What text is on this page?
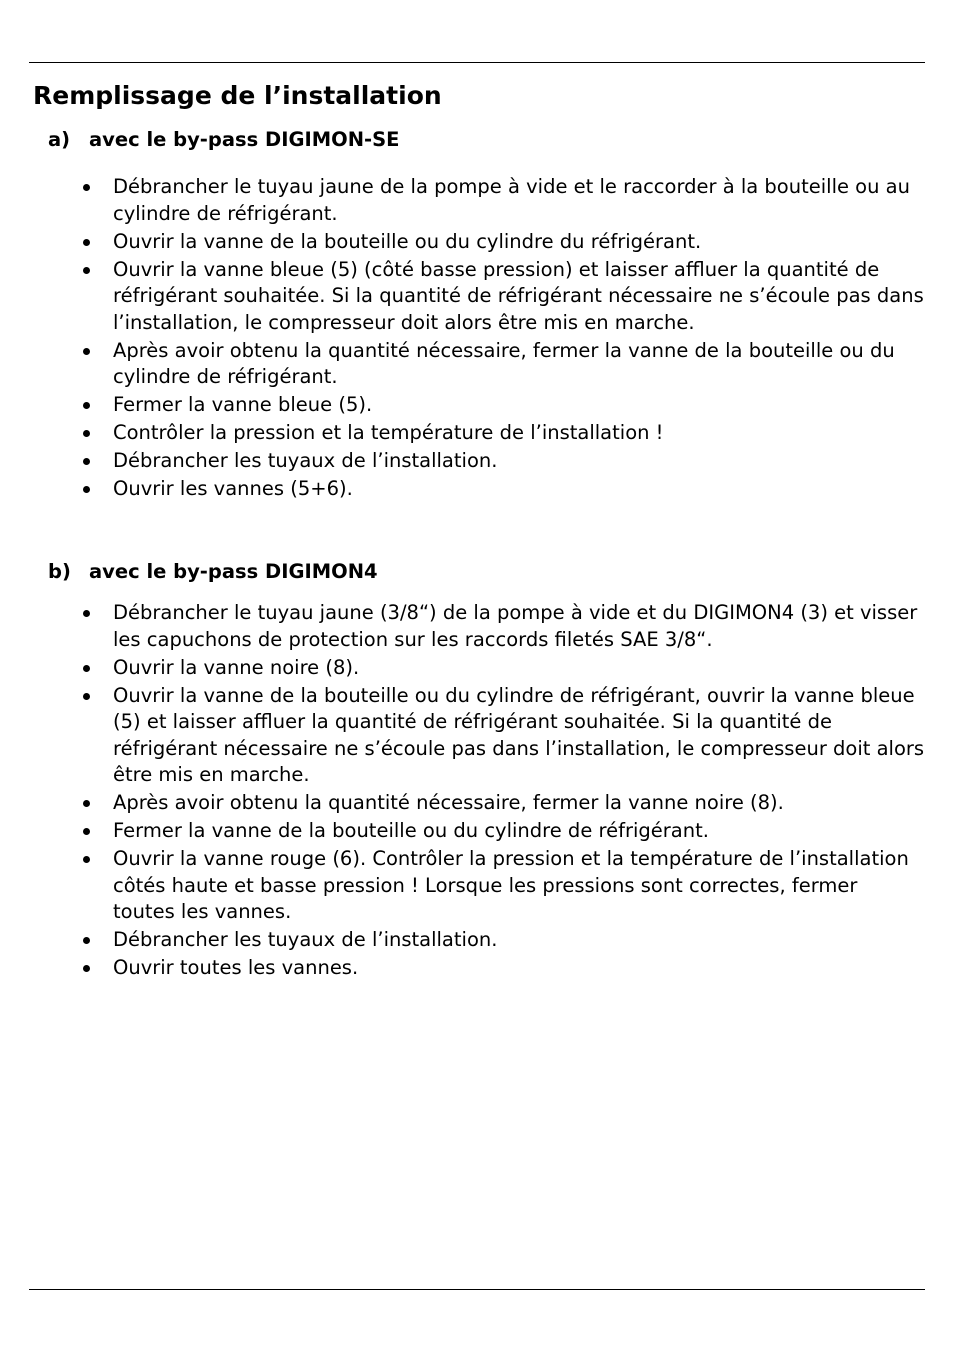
Remplissage de l’installation
a) avec le by-pass DIGIMON-SE
Débrancher le tuyau jaune de la pompe à vide et le raccorder à la bouteille ou au cylindre de réfrigérant.
Ouvrir la vanne de la bouteille ou du cylindre du réfrigérant.
Ouvrir la vanne bleue (5) (côté basse pression) et laisser affluer la quantité de réfrigérant souhaitée. Si la quantité de réfrigérant nécessaire ne s’écoule pas dans l’installation, le compresseur doit alors être mis en marche.
Après avoir obtenu la quantité nécessaire, fermer la vanne de la bouteille ou du cylindre de réfrigérant.
Fermer la vanne bleue (5).
Contrôler la pression et la température de l’installation !
Débrancher les tuyaux de l’installation.
Ouvrir les vannes (5+6).
b) avec le by-pass DIGIMON4
Débrancher le tuyau jaune (3/8“) de la pompe à vide et du DIGIMON4 (3) et visser les capuchons de protection sur les raccords filetés SAE 3/8“.
Ouvrir la vanne noire (8).
Ouvrir la vanne de la bouteille ou du cylindre de réfrigérant, ouvrir la vanne bleue (5) et laisser affluer la quantité de réfrigérant souhaitée. Si la quantité de réfrigérant nécessaire ne s’écoule pas dans l’installation, le compresseur doit alors être mis en marche.
Après avoir obtenu la quantité nécessaire, fermer la vanne noire (8).
Fermer la vanne de la bouteille ou du cylindre de réfrigérant.
Ouvrir la vanne rouge (6). Contrôler la pression et la température de l’installation côtés haute et basse pression ! Lorsque les pressions sont correctes, fermer toutes les vannes.
Débrancher les tuyaux de l’installation.
Ouvrir toutes les vannes.
